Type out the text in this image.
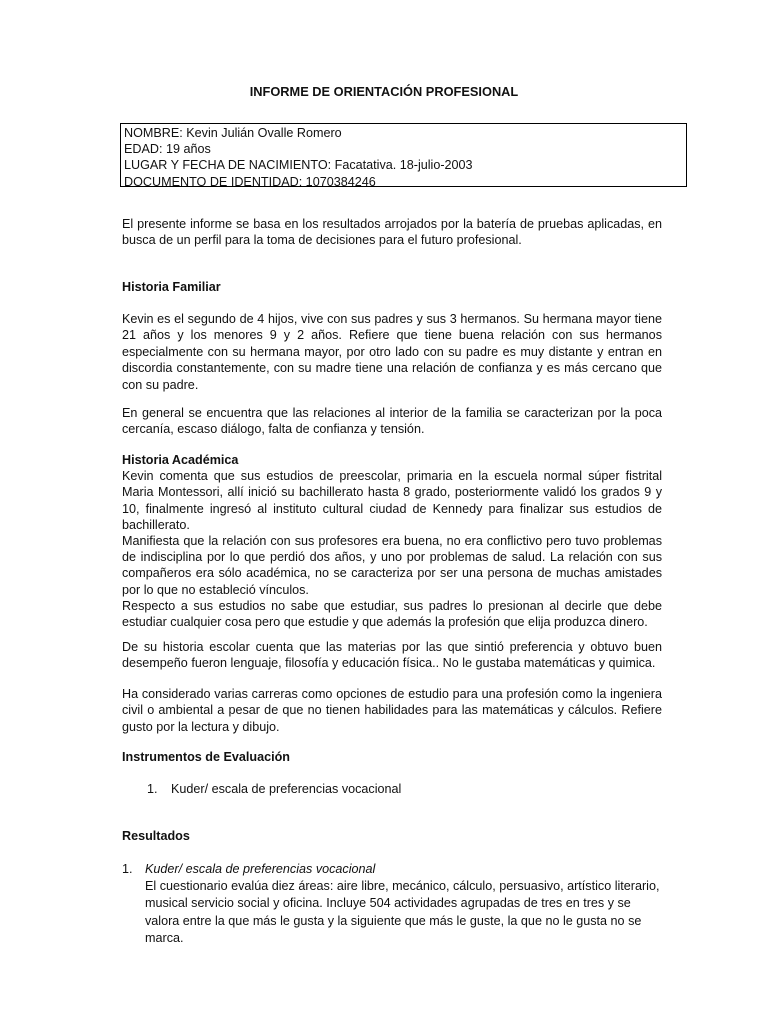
INFORME DE ORIENTACIÓN PROFESIONAL
NOMBRE: Kevin Julián Ovalle Romero
EDAD: 19 años
LUGAR Y FECHA DE NACIMIENTO: Facatativa. 18-julio-2003
DOCUMENTO DE IDENTIDAD: 1070384246

El presente informe se basa en los resultados arrojados por la batería de pruebas aplicadas, en busca de un perfil para la toma de decisiones para el futuro profesional.

Historia Familiar

Kevin es el segundo de 4 hijos, vive con sus padres y sus 3 hermanos. Su hermana mayor tiene 21 años y los menores 9 y 2 años. Refiere que tiene buena relación con sus hermanos especialmente con su hermana mayor, por otro lado con su padre es muy distante y entran en discordia constantemente, con su madre tiene una relación de confianza y es más cercano que con su padre.

En general se encuentra que las relaciones al interior de la familia se caracterizan por la poca cercanía, escaso diálogo, falta de confianza y tensión.

Historia Académica

Kevin comenta que sus estudios de preescolar, primaria en la escuela normal súper fistrital Maria Montessori, allí inició su bachillerato hasta 8 grado, posteriormente validó los grados 9 y 10, finalmente ingresó al instituto cultural ciudad de Kennedy para finalizar sus estudios de bachillerato.

Manifiesta que la relación con sus profesores era buena, no era conflictivo pero tuvo problemas de indisciplina por lo que perdió dos años, y uno por problemas de salud. La relación con sus compañeros era sólo académica, no se caracteriza por ser una persona de muchas amistades por lo que no estableció vínculos.

Respecto a sus estudios no sabe que estudiar, sus padres lo presionan al decirle que debe estudiar cualquier cosa pero que estudie y que además la profesión que elija produzca dinero.

De su historia escolar cuenta que las materias por las que sintió preferencia y obtuvo buen desempeño fueron lenguaje, filosofía y educación física.. No le gustaba matemáticas y quimica.

Ha considerado varias carreras como opciones de estudio para una profesión como la ingeniera civil o ambiental a pesar de que no tienen habilidades para las matemáticas y cálculos. Refiere gusto por la lectura y dibujo.

Instrumentos de Evaluación
1. Kuder/ escala de preferencias vocacional
Resultados
1. Kuder/ escala de preferencias vocacional
El cuestionario evalúa diez áreas: aire libre, mecánico, cálculo, persuasivo, artístico literario, musical servicio social y oficina. Incluye 504 actividades agrupadas de tres en tres y se valora entre la que más le gusta y la siguiente que más le guste, la que no le gusta no se marca.
